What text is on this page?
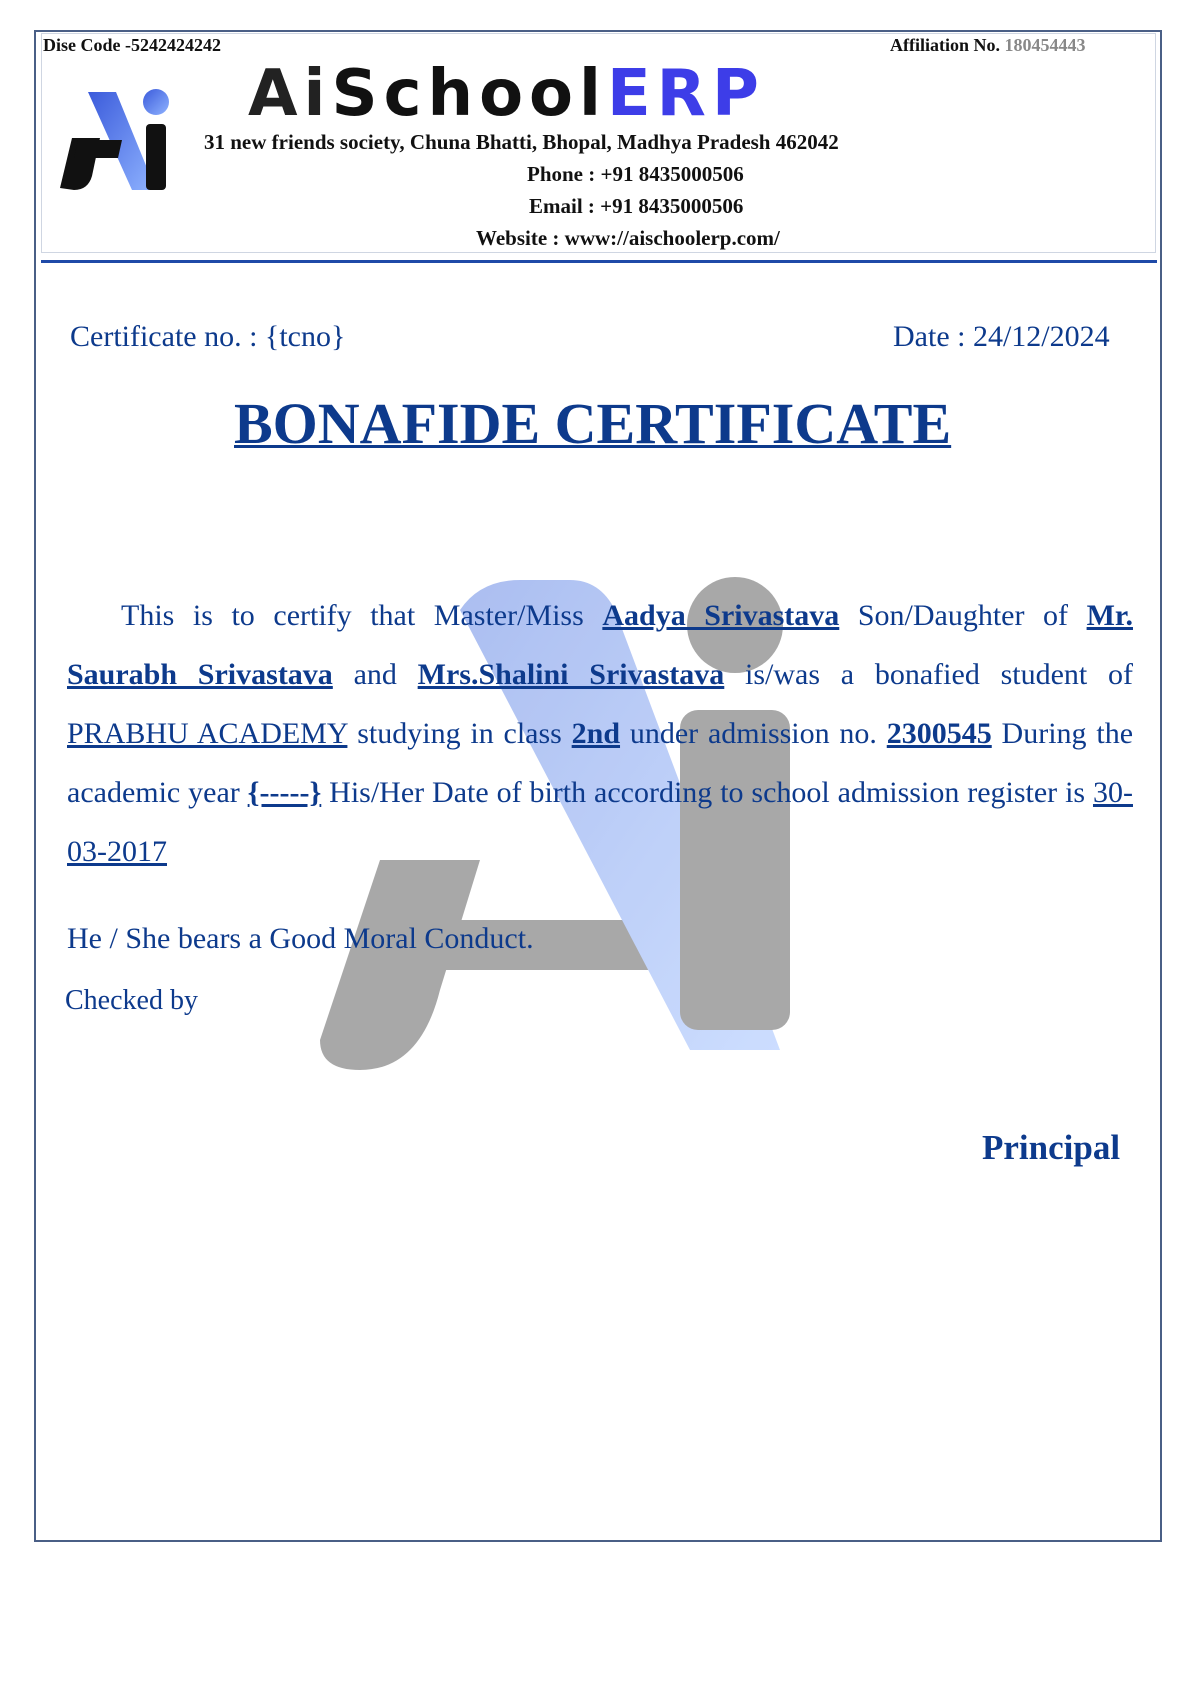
Dise Code -5242424242	Affiliation No. 180454443
AiSchoolERP
31 new friends society, Chuna Bhatti, Bhopal, Madhya Pradesh 462042
Phone : +91 8435000506
Email : +91 8435000506
Website : www://aischoolerp.com/
Certificate no. : {tcno}	Date : 24/12/2024
BONAFIDE CERTIFICATE
This is to certify that Master/Miss Aadya Srivastava Son/Daughter of Mr. Saurabh Srivastava and Mrs.Shalini Srivastava is/was a bonafied student of PRABHU ACADEMY studying in class 2nd under admission no. 2300545 During the academic year {-----} His/Her Date of birth according to school admission register is 30-03-2017
He / She bears a Good Moral Conduct.
Checked by
Principal
